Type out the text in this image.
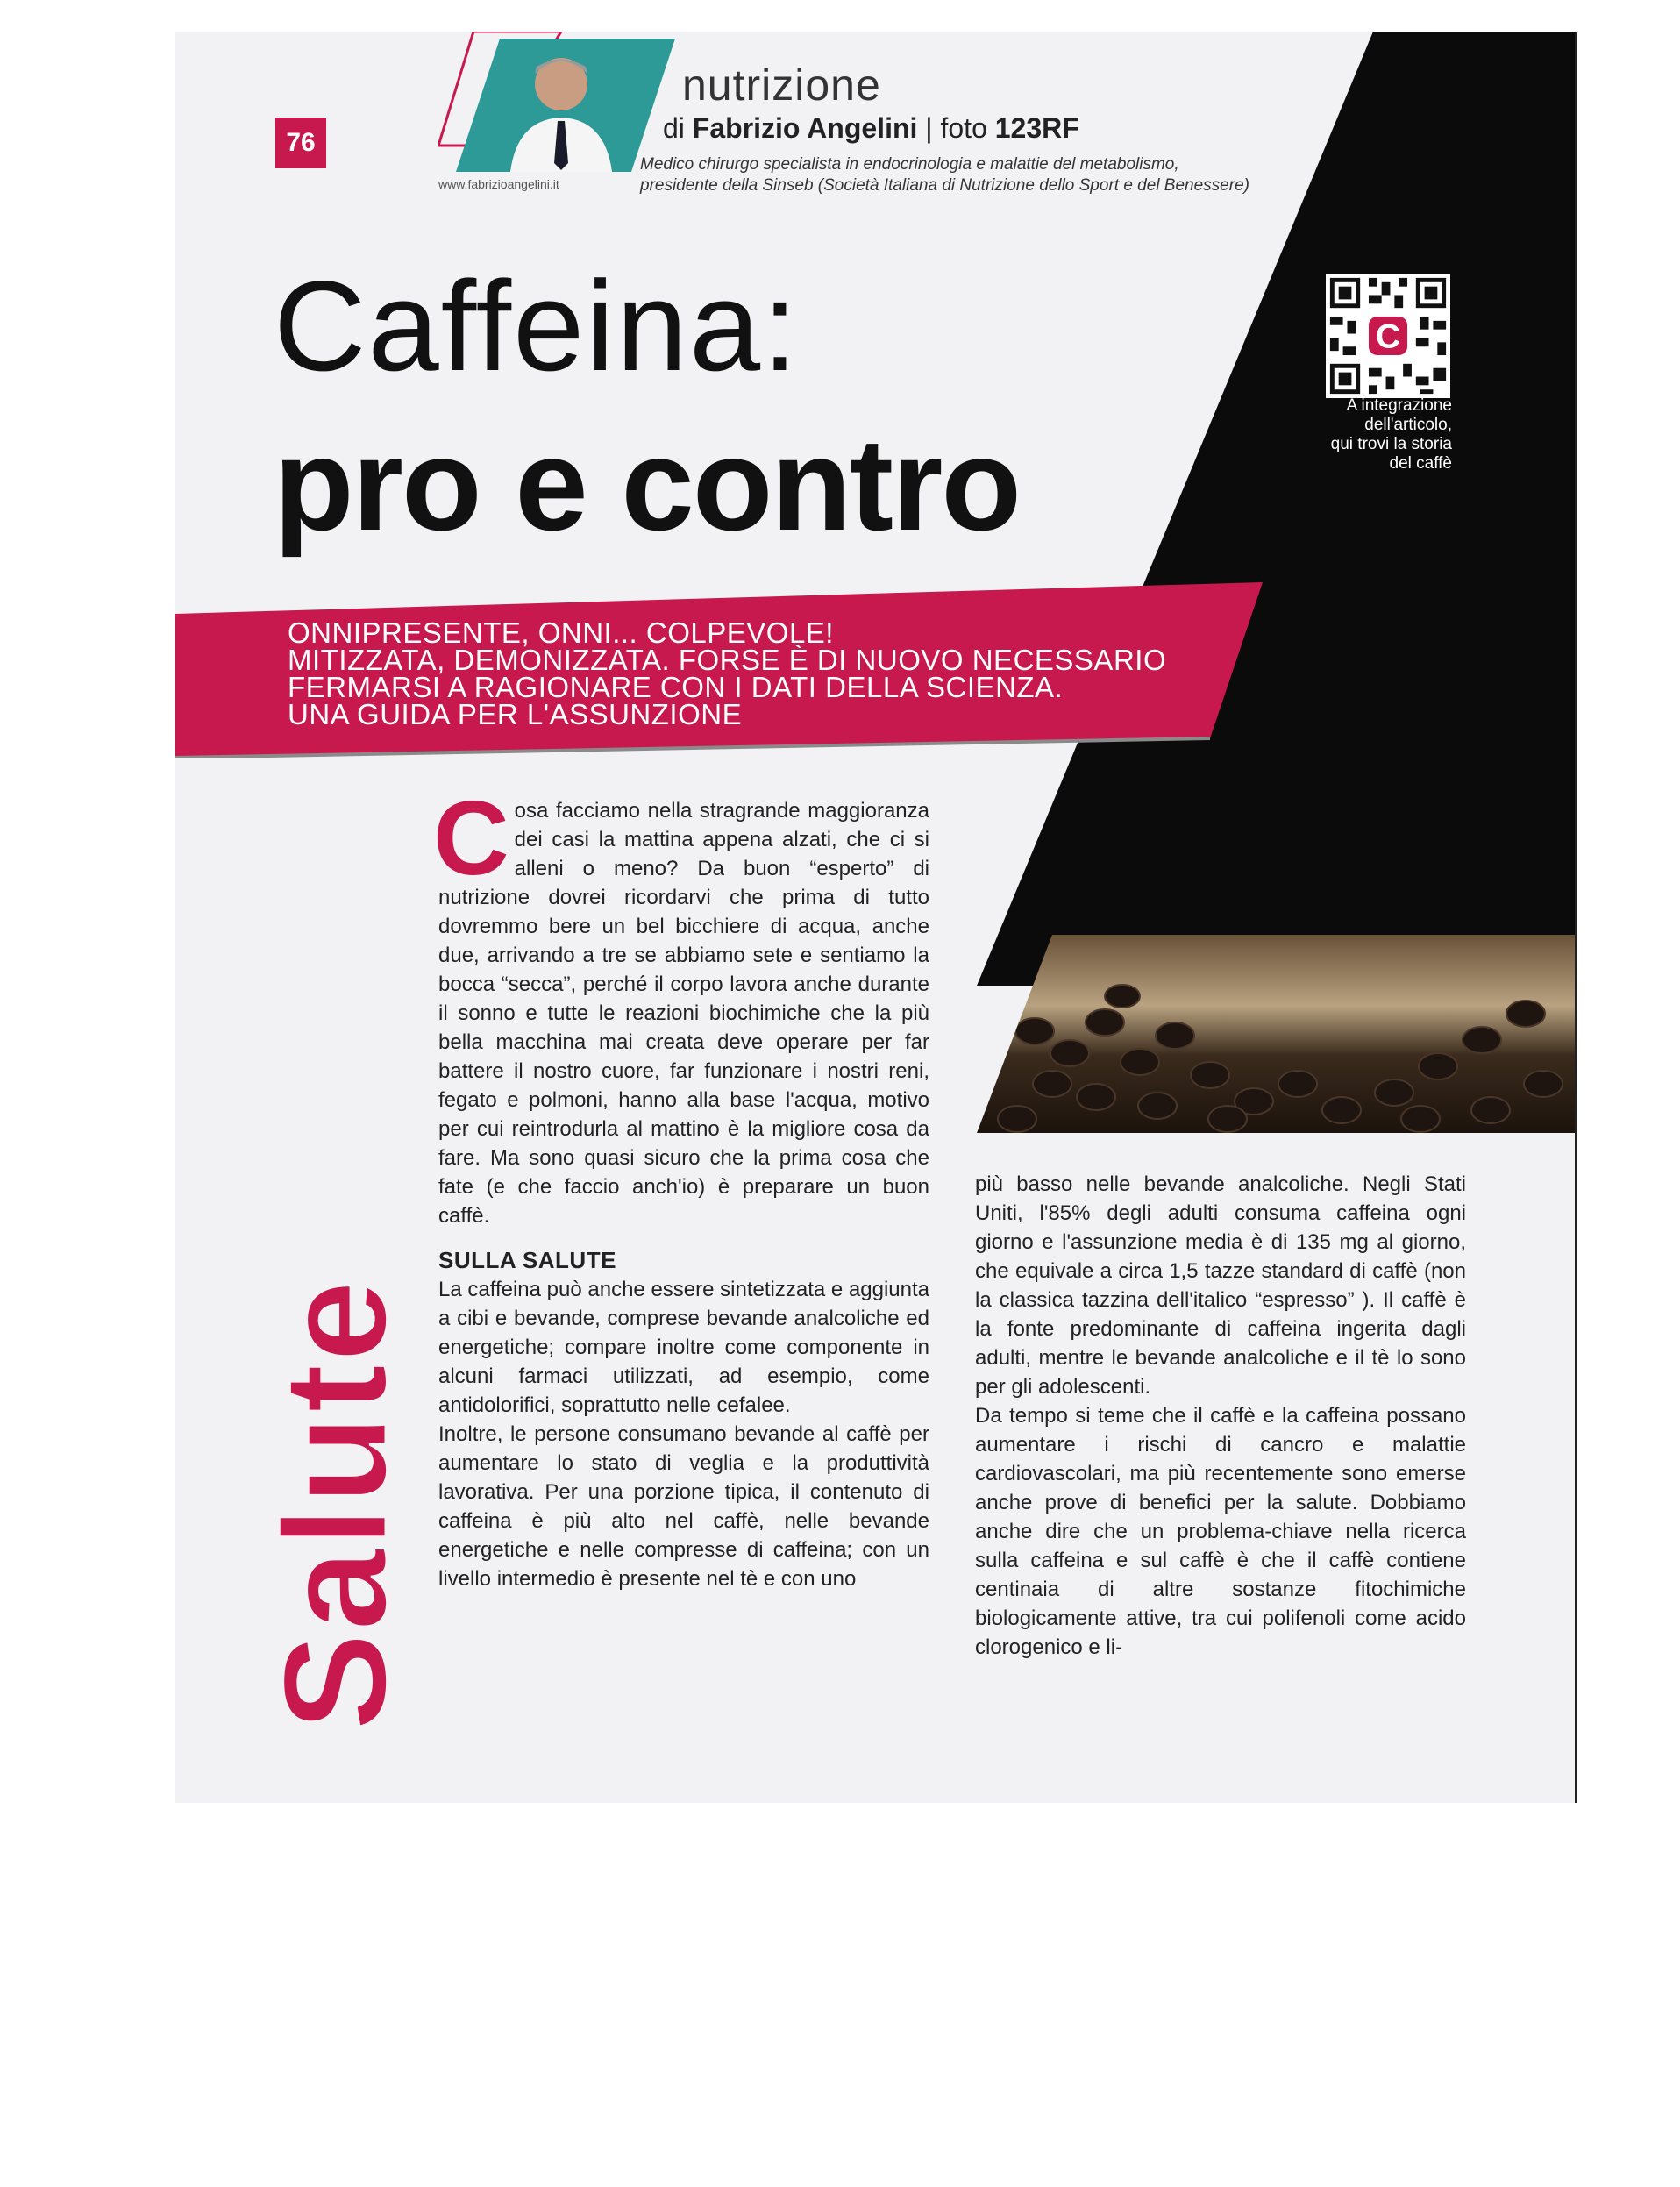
76
www.fabrizioangelini.it
nutrizione
di Fabrizio Angelini | foto 123RF
Medico chirurgo specialista in endocrinologia e malattie del metabolismo,
presidente della Sinseb (Società Italiana di Nutrizione dello Sport e del Benessere)
Caffeina:
pro e contro
C
A integrazione
dell'articolo,
qui trovi la storia
del caffè
ONNIPRESENTE, ONNI... COLPEVOLE!
MITIZZATA, DEMONIZZATA. FORSE È DI NUOVO NECESSARIO
FERMARSI A RAGIONARE CON I DATI DELLA SCIENZA.
UNA GUIDA PER L'ASSUNZIONE

Cosa facciamo nella stragrande maggioranza dei casi la mattina appena alzati, che ci si alleni o meno? Da buon “esperto” di nutrizione dovrei ricordarvi che prima di tutto dovremmo bere un bel bicchiere di acqua, anche due, arrivando a tre se abbiamo sete e sentiamo la bocca “secca”, perché il corpo lavora anche durante il sonno e tutte le reazioni biochimiche che la più bella macchina mai creata deve operare per far battere il nostro cuore, far funzionare i nostri reni, fegato e polmoni, hanno alla base l'acqua, motivo per cui reintrodurla al mattino è la migliore cosa da fare. Ma sono quasi sicuro che la prima cosa che fate (e che faccio anch'io) è preparare un buon caffè.

SULLA SALUTE

La caffeina può anche essere sintetizzata e aggiunta a cibi e bevande, comprese bevande analcoliche ed energetiche; compare inoltre come componente in alcuni farmaci utilizzati, ad esempio, come antidolorifici, soprattutto nelle cefalee.

Inoltre, le persone consumano bevande al caffè per aumentare lo stato di veglia e la produttività lavorativa. Per una porzione tipica, il contenuto di caffeina è più alto nel caffè, nelle bevande energetiche e nelle compresse di caffeina; con un livello intermedio è presente nel tè e con uno

più basso nelle bevande analcoliche. Negli Stati Uniti, l'85% degli adulti consuma caffeina ogni giorno e l'assunzione media è di 135 mg al giorno, che equivale a circa 1,5 tazze standard di caffè (non la classica tazzina dell'italico “espresso” ). Il caffè è la fonte predominante di caffeina ingerita dagli adulti, mentre le bevande analcoliche e il tè lo sono per gli adolescenti.

Da tempo si teme che il caffè e la caffeina possano aumentare i rischi di cancro e malattie cardiovascolari, ma più recentemente sono emerse anche prove di benefici per la salute. Dobbiamo anche dire che un problema-chiave nella ricerca sulla caffeina e sul caffè è che il caffè contiene centinaia di altre sostanze fitochimiche biologicamente attive, tra cui polifenoli come acido clorogenico e li-

Salute
